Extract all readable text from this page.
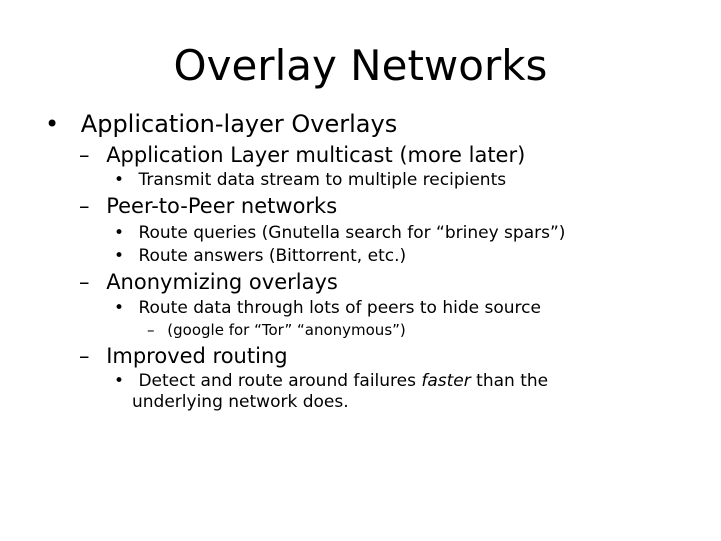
Overlay Networks
• Application-layer Overlays
– Application Layer multicast (more later)
• Transmit data stream to multiple recipients
– Peer-to-Peer networks
• Route queries (Gnutella search for “briney spars”)
• Route answers (Bittorrent, etc.)
– Anonymizing overlays
• Route data through lots of peers to hide source
– (google for “Tor” “anonymous”)
– Improved routing
• Detect and route around failures faster than the
underlying network does.
